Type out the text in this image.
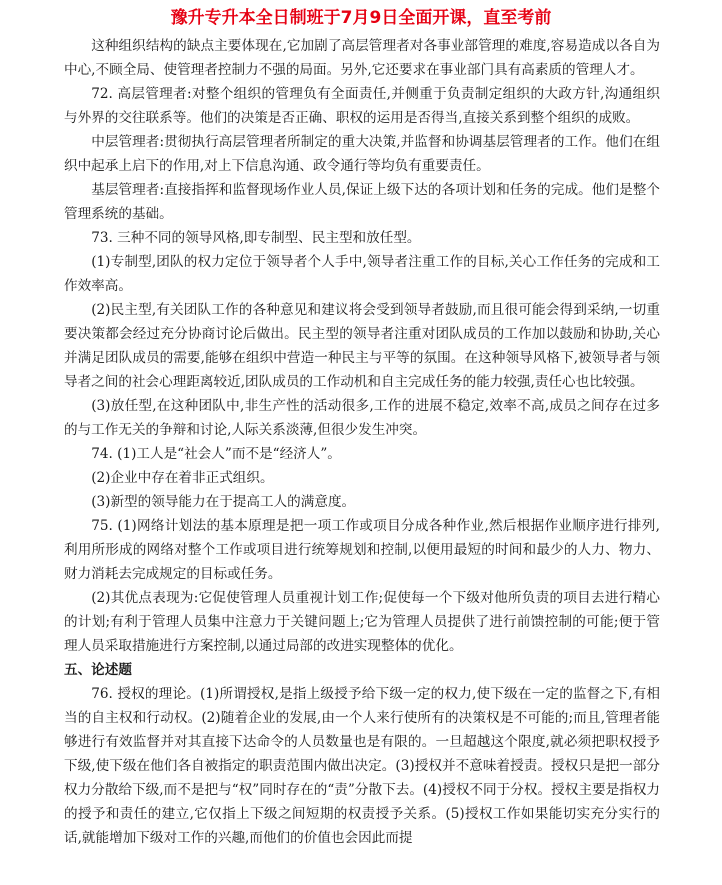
豫升专升本全日制班于7月9日全面开课，直至考前

这种组织结构的缺点主要体现在,它加剧了高层管理者对各事业部管理的难度,容易造成以各自为中心,不顾全局、使管理者控制力不强的局面。另外,它还要求在事业部门具有高素质的管理人才。

72. 高层管理者:对整个组织的管理负有全面责任,并侧重于负责制定组织的大政方针,沟通组织与外界的交往联系等。他们的决策是否正确、职权的运用是否得当,直接关系到整个组织的成败。

中层管理者:贯彻执行高层管理者所制定的重大决策,并监督和协调基层管理者的工作。他们在组织中起承上启下的作用,对上下信息沟通、政令通行等均负有重要责任。

基层管理者:直接指挥和监督现场作业人员,保证上级下达的各项计划和任务的完成。他们是整个管理系统的基础。

73. 三种不同的领导风格,即专制型、民主型和放任型。

(1)专制型,团队的权力定位于领导者个人手中,领导者注重工作的目标,关心工作任务的完成和工作效率高。

(2)民主型,有关团队工作的各种意见和建议将会受到领导者鼓励,而且很可能会得到采纳,一切重要决策都会经过充分协商讨论后做出。民主型的领导者注重对团队成员的工作加以鼓励和协助,关心并满足团队成员的需要,能够在组织中营造一种民主与平等的氛围。在这种领导风格下,被领导者与领导者之间的社会心理距离较近,团队成员的工作动机和自主完成任务的能力较强,责任心也比较强。

(3)放任型,在这种团队中,非生产性的活动很多,工作的进展不稳定,效率不高,成员之间存在过多的与工作无关的争辩和讨论,人际关系淡薄,但很少发生冲突。

74. (1)工人是“社会人”而不是“经济人”。

(2)企业中存在着非正式组织。

(3)新型的领导能力在于提高工人的满意度。

75. (1)网络计划法的基本原理是把一项工作或项目分成各种作业,然后根据作业顺序进行排列,利用所形成的网络对整个工作或项目进行统筹规划和控制,以便用最短的时间和最少的人力、物力、财力消耗去完成规定的目标或任务。

(2)其优点表现为:它促使管理人员重视计划工作;促使每一个下级对他所负责的项目去进行精心的计划;有利于管理人员集中注意力于关键问题上;它为管理人员提供了进行前馈控制的可能;便于管理人员采取措施进行方案控制,以通过局部的改进实现整体的优化。

五、论述题

76. 授权的理论。(1)所谓授权,是指上级授予给下级一定的权力,使下级在一定的监督之下,有相当的自主权和行动权。(2)随着企业的发展,由一个人来行使所有的决策权是不可能的;而且,管理者能够进行有效监督并对其直接下达命令的人员数量也是有限的。一旦超越这个限度,就必须把职权授予下级,使下级在他们各自被指定的职责范围内做出决定。(3)授权并不意味着授责。授权只是把一部分权力分散给下级,而不是把与“权”同时存在的“责”分散下去。(4)授权不同于分权。授权主要是指权力的授予和责任的建立,它仅指上下级之间短期的权责授予关系。(5)授权工作如果能切实充分实行的话,就能增加下级对工作的兴趣,而他们的价值也会因此而提
